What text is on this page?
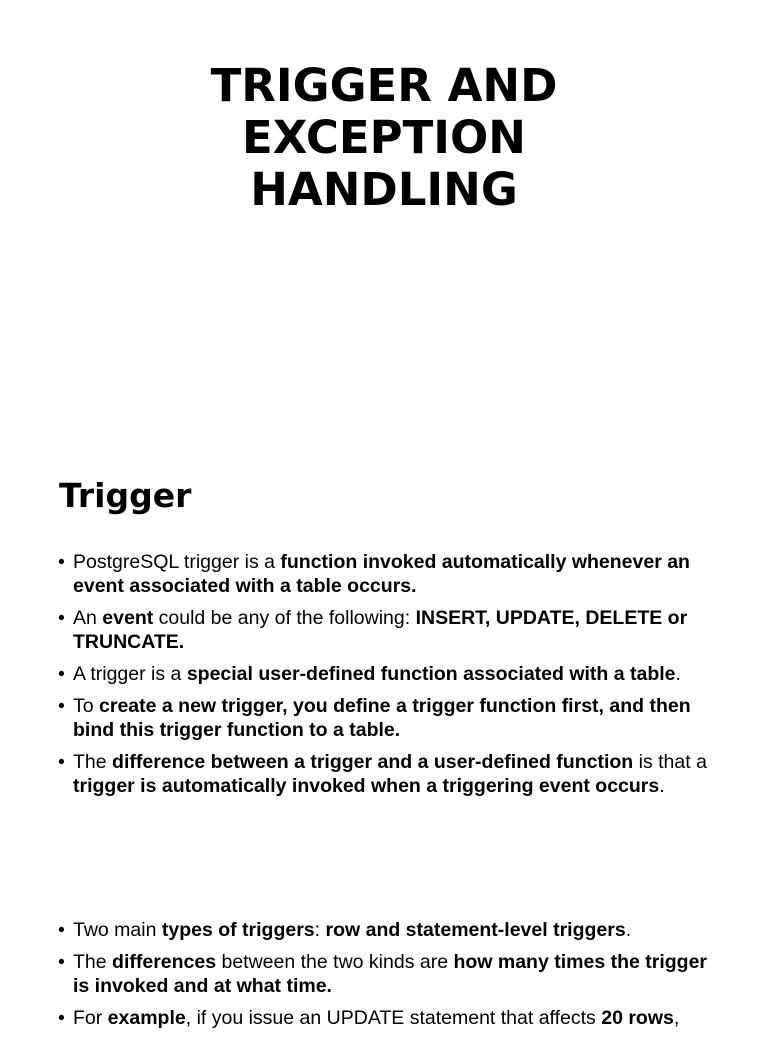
TRIGGER AND
EXCEPTION
HANDLING
Trigger
• PostgreSQL trigger is a function invoked automatically whenever an event associated with a table occurs.
• An event could be any of the following: INSERT, UPDATE, DELETE or TRUNCATE.
• A trigger is a special user-defined function associated with a table.
• To create a new trigger, you define a trigger function first, and then bind this trigger function to a table.
• The difference between a trigger and a user-defined function is that a trigger is automatically invoked when a triggering event occurs.
• Two main types of triggers: row and statement-level triggers.
• The differences between the two kinds are how many times the trigger is invoked and at what time.
• For example, if you issue an UPDATE statement that affects 20 rows,
